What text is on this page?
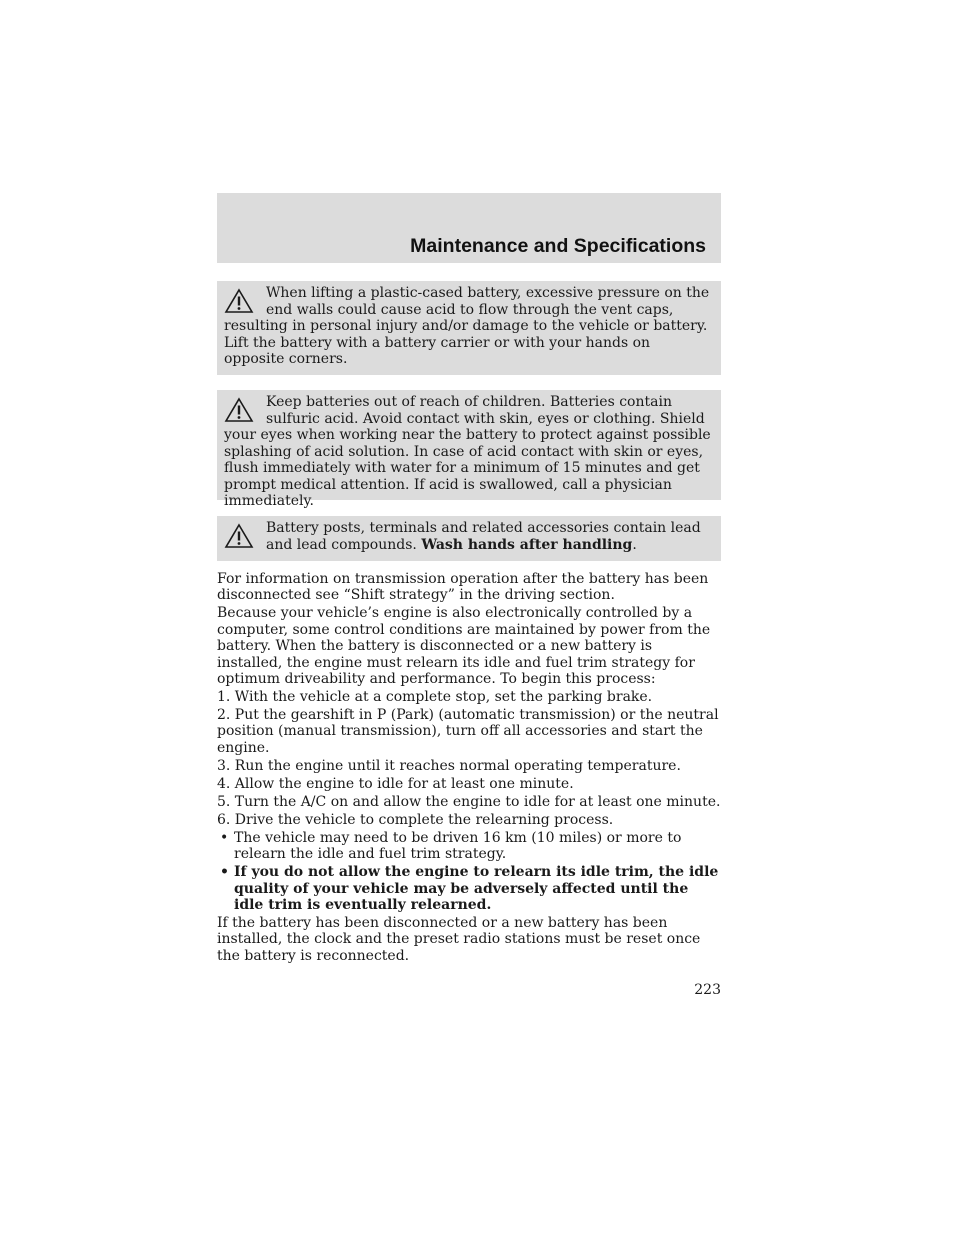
Maintenance and Specifications
When lifting a plastic-cased battery, excessive pressure on the end walls could cause acid to flow through the vent caps, resulting in personal injury and/or damage to the vehicle or battery. Lift the battery with a battery carrier or with your hands on opposite corners.
Keep batteries out of reach of children. Batteries contain sulfuric acid. Avoid contact with skin, eyes or clothing. Shield your eyes when working near the battery to protect against possible splashing of acid solution. In case of acid contact with skin or eyes, flush immediately with water for a minimum of 15 minutes and get prompt medical attention. If acid is swallowed, call a physician immediately.
Battery posts, terminals and related accessories contain lead and lead compounds. Wash hands after handling.

For information on transmission operation after the battery has been disconnected see “Shift strategy” in the driving section.

Because your vehicle’s engine is also electronically controlled by a computer, some control conditions are maintained by power from the battery. When the battery is disconnected or a new battery is installed, the engine must relearn its idle and fuel trim strategy for optimum driveability and performance. To begin this process:

1. With the vehicle at a complete stop, set the parking brake.

2. Put the gearshift in P (Park) (automatic transmission) or the neutral position (manual transmission), turn off all accessories and start the engine.

3. Run the engine until it reaches normal operating temperature.

4. Allow the engine to idle for at least one minute.

5. Turn the A/C on and allow the engine to idle for at least one minute.

6. Drive the vehicle to complete the relearning process.

• The vehicle may need to be driven 16 km (10 miles) or more to relearn the idle and fuel trim strategy.

• If you do not allow the engine to relearn its idle trim, the idle quality of your vehicle may be adversely affected until the idle trim is eventually relearned.

If the battery has been disconnected or a new battery has been installed, the clock and the preset radio stations must be reset once the battery is reconnected.

223
